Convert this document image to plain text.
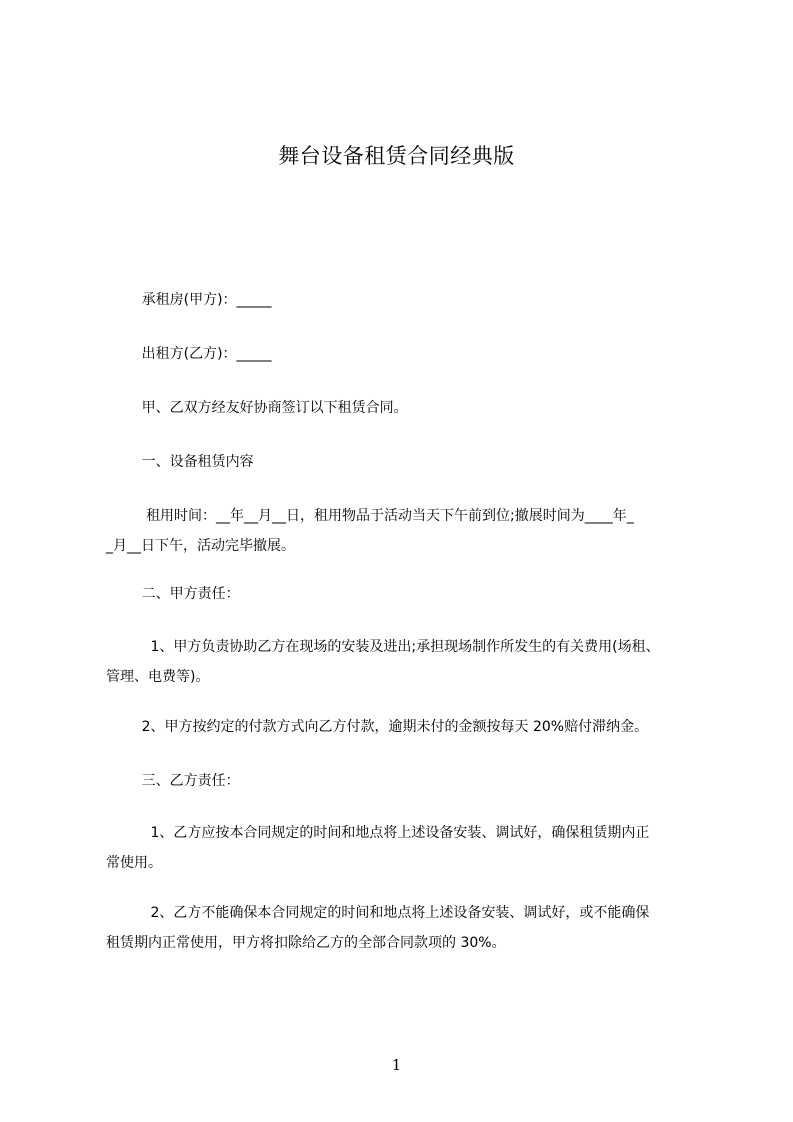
舞台设备租赁合同经典版
承租房(甲方)：_____
出租方(乙方)：_____
甲、乙双方经友好协商签订以下租赁合同。
一、设备租赁内容
租用时间：__年__月__日，租用物品于活动当天下午前到位;撤展时间为____年_
_月__日下午，活动完毕撤展。
二、甲方责任：
1、甲方负责协助乙方在现场的安装及进出;承担现场制作所发生的有关费用(场租、
管理、电费等)。
2、甲方按约定的付款方式向乙方付款，逾期未付的金额按每天 20%赔付滞纳金。
三、乙方责任：
1、乙方应按本合同规定的时间和地点将上述设备安装、调试好，确保租赁期内正
常使用。
2、乙方不能确保本合同规定的时间和地点将上述设备安装、调试好，或不能确保
租赁期内正常使用，甲方将扣除给乙方的全部合同款项的 30%。
1
